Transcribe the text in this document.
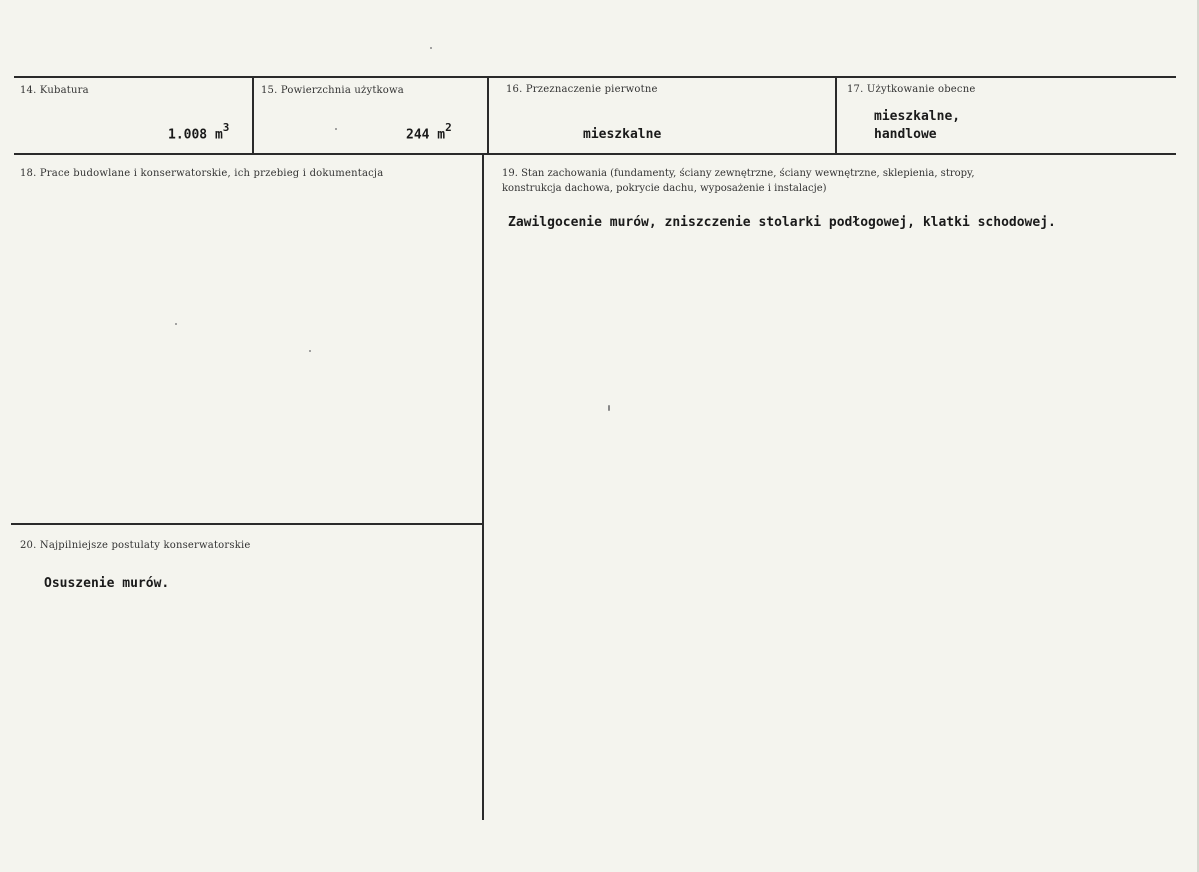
14. Kubatura
1.008 $m^3$
15. Powierzchnia użytkowa
244 $m^2$
16. Przeznaczenie pierwotne
mieszkalne
17. Użytkowanie obecne
mieszkalne,
handlowe
18. Prace budowlane i konserwatorskie, ich przebieg i dokumentacja	19. Stan zachowania (fundamenty, ściany zewnętrzne, ściany wewnętrzne, sklepienia, stropy,
konstrukcja dachowa, pokrycie dachu, wyposażenie i instalacje)
Zawilgocenie murów, zniszczenie stolarki podłogowej, klatki schodowej.
20. Najpilniejsze postulaty konserwatorskie
Osuszenie murów.
